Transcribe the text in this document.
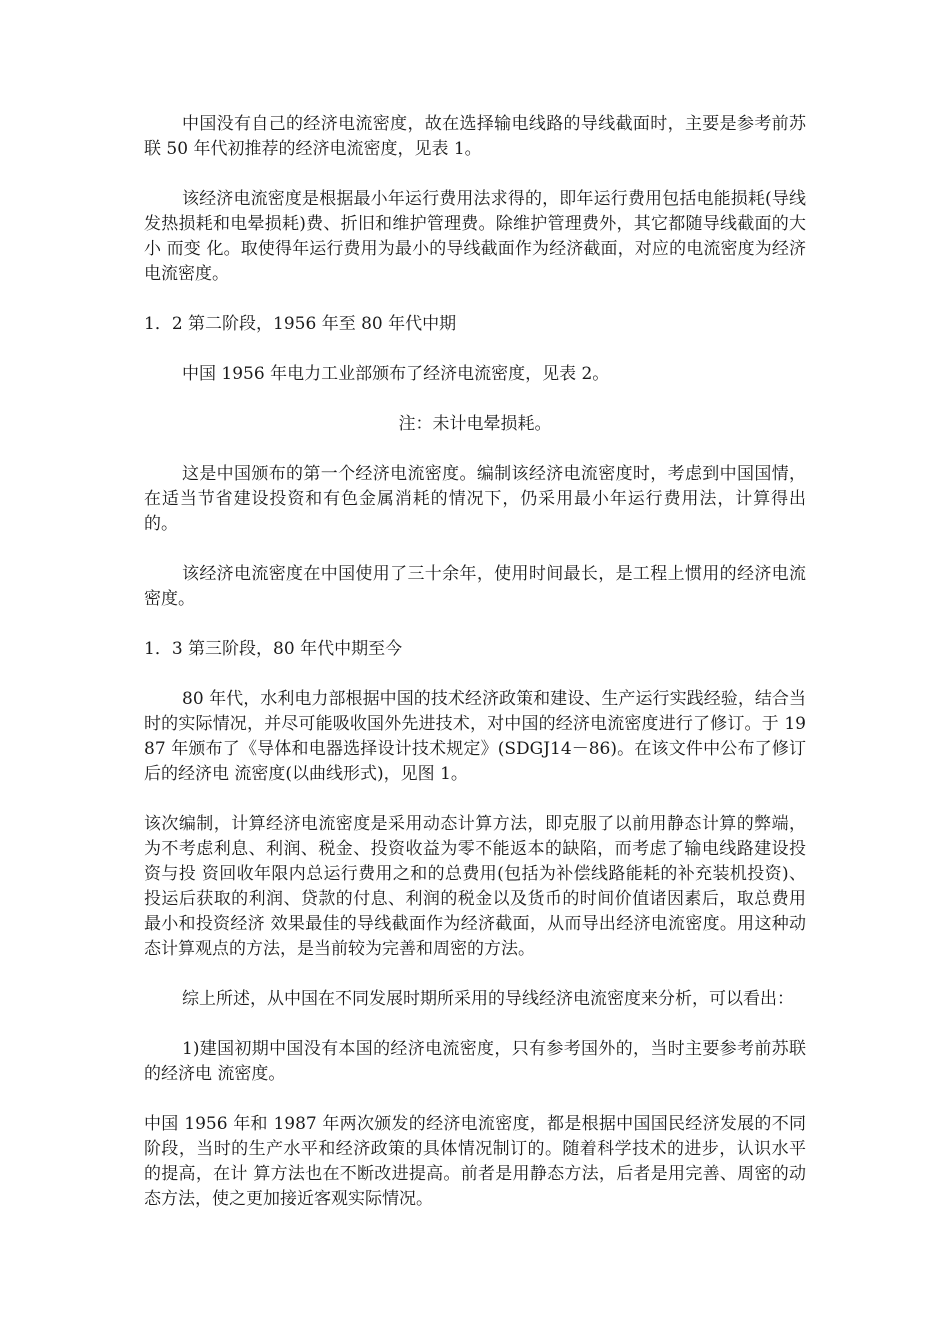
中国没有自己的经济电流密度，故在选择输电线路的导线截面时，主要是参考前苏联 50 年代初推荐的经济电流密度，见表 1。

该经济电流密度是根据最小年运行费用法求得的，即年运行费用包括电能损耗(导线 发热损耗和电晕损耗)费、折旧和维护管理费。除维护管理费外，其它都随导线截面的大小 而变 化。取使得年运行费用为最小的导线截面作为经济截面，对应的电流密度为经济电流密度。

1．2 第二阶段，1956 年至 80 年代中期

中国 1956 年电力工业部颁布了经济电流密度，见表 2。

注：未计电晕损耗。

这是中国颁布的第一个经济电流密度。编制该经济电流密度时，考虑到中国国情，在适当节省建设投资和有色金属消耗的情况下，仍采用最小年运行费用法，计算得出的。

该经济电流密度在中国使用了三十余年，使用时间最长，是工程上惯用的经济电流密度。

1．3 第三阶段，80 年代中期至今

80 年代，水利电力部根据中国的技术经济政策和建设、生产运行实践经验，结合当 时的实际情况，并尽可能吸收国外先进技术，对中国的经济电流密度进行了修订。于 1987 年颁布了《导体和电器选择设计技术规定》(SDGJ14－86)。在该文件中公布了修订后的经济电 流密度(以曲线形式)，见图 1。

该次编制，计算经济电流密度是采用动态计算方法，即克服了以前用静态计算的弊端，为不考虑利息、利润、税金、投资收益为零不能返本的缺陷，而考虑了输电线路建设投资与投 资回收年限内总运行费用之和的总费用(包括为补偿线路能耗的补充装机投资)、投运后获取的利润、贷款的付息、利润的税金以及货币的时间价值诸因素后，取总费用最小和投资经济 效果最佳的导线截面作为经济截面，从而导出经济电流密度。用这种动态计算观点的方法，是当前较为完善和周密的方法。

综上所述，从中国在不同发展时期所采用的导线经济电流密度来分析，可以看出：

1)建国初期中国没有本国的经济电流密度，只有参考国外的，当时主要参考前苏联的经济电 流密度。

中国 1956 年和 1987 年两次颁发的经济电流密度，都是根据中国国民经济发展的不同阶段，当时的生产水平和经济政策的具体情况制订的。随着科学技术的进步，认识水平的提高，在计 算方法也在不断改进提高。前者是用静态方法，后者是用完善、周密的动态方法，使之更加接近客观实际情况。
